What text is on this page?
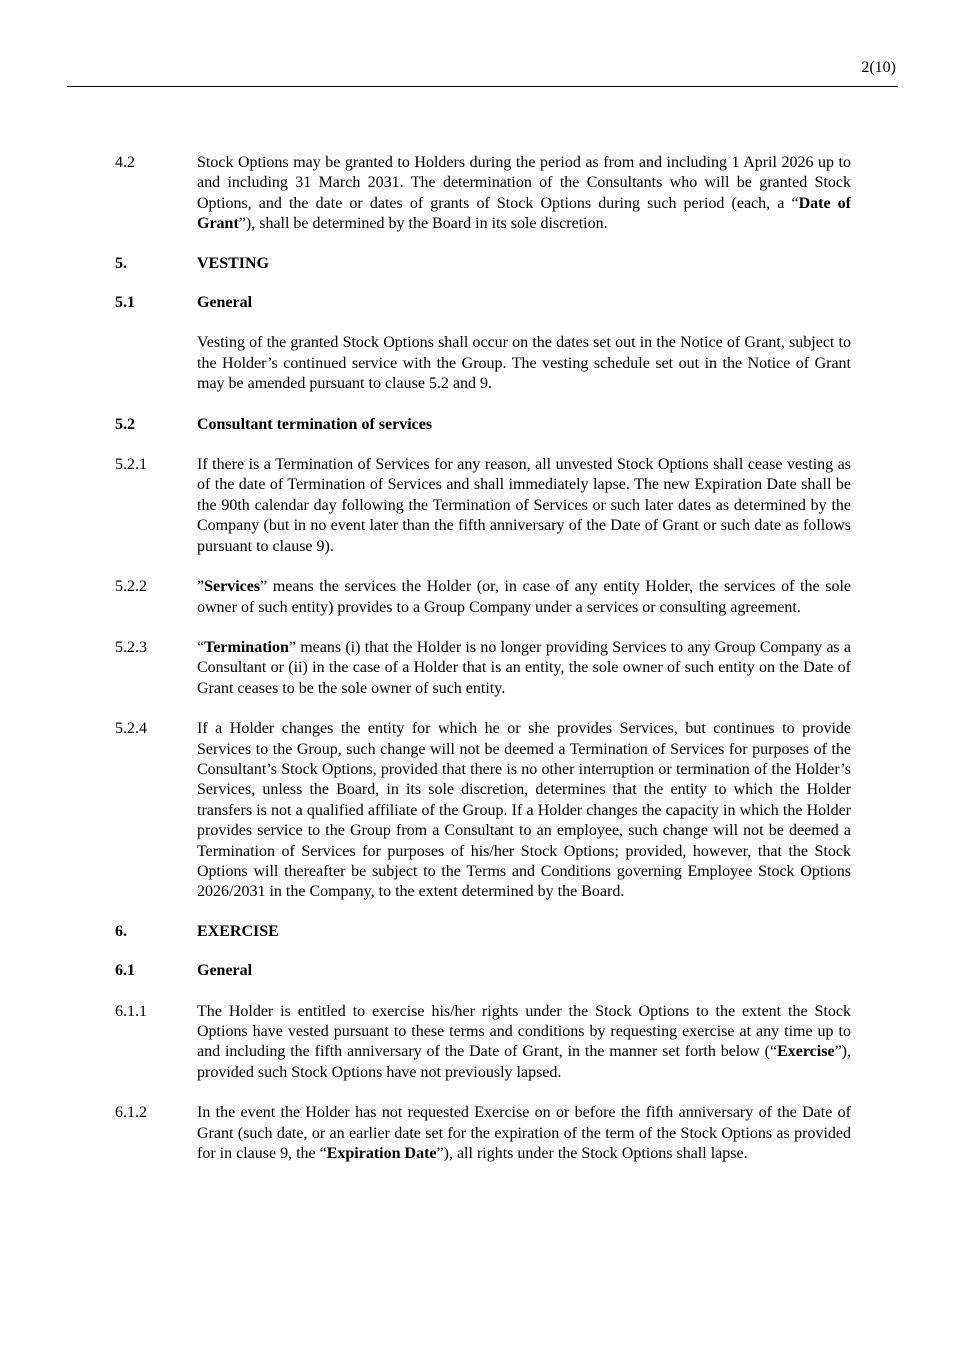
2(10)
4.2	Stock Options may be granted to Holders during the period as from and including 1 April 2026 up to and including 31 March 2031. The determination of the Consultants who will be granted Stock Options, and the date or dates of grants of Stock Options during such period (each, a “Date of Grant”), shall be determined by the Board in its sole discretion.
5.	VESTING
5.1	General
Vesting of the granted Stock Options shall occur on the dates set out in the Notice of Grant, subject to the Holder’s continued service with the Group. The vesting schedule set out in the Notice of Grant may be amended pursuant to clause 5.2 and 9.
5.2	Consultant termination of services
5.2.1	If there is a Termination of Services for any reason, all unvested Stock Options shall cease vesting as of the date of Termination of Services and shall immediately lapse. The new Expiration Date shall be the 90th calendar day following the Termination of Services or such later dates as determined by the Company (but in no event later than the fifth anniversary of the Date of Grant or such date as follows pursuant to clause 9).
5.2.2	”Services” means the services the Holder (or, in case of any entity Holder, the services of the sole owner of such entity) provides to a Group Company under a services or consulting agreement.
5.2.3	“Termination” means (i) that the Holder is no longer providing Services to any Group Company as a Consultant or (ii) in the case of a Holder that is an entity, the sole owner of such entity on the Date of Grant ceases to be the sole owner of such entity.
5.2.4	If a Holder changes the entity for which he or she provides Services, but continues to provide Services to the Group, such change will not be deemed a Termination of Services for purposes of the Consultant’s Stock Options, provided that there is no other interruption or termination of the Holder’s Services, unless the Board, in its sole discretion, determines that the entity to which the Holder transfers is not a qualified affiliate of the Group. If a Holder changes the capacity in which the Holder provides service to the Group from a Consultant to an employee, such change will not be deemed a Termination of Services for purposes of his/her Stock Options; provided, however, that the Stock Options will thereafter be subject to the Terms and Conditions governing Employee Stock Options 2026/2031 in the Company, to the extent determined by the Board.
6.	EXERCISE
6.1	General
6.1.1	The Holder is entitled to exercise his/her rights under the Stock Options to the extent the Stock Options have vested pursuant to these terms and conditions by requesting exercise at any time up to and including the fifth anniversary of the Date of Grant, in the manner set forth below (“Exercise”), provided such Stock Options have not previously lapsed.
6.1.2	In the event the Holder has not requested Exercise on or before the fifth anniversary of the Date of Grant (such date, or an earlier date set for the expiration of the term of the Stock Options as provided for in clause 9, the “Expiration Date”), all rights under the Stock Options shall lapse.
